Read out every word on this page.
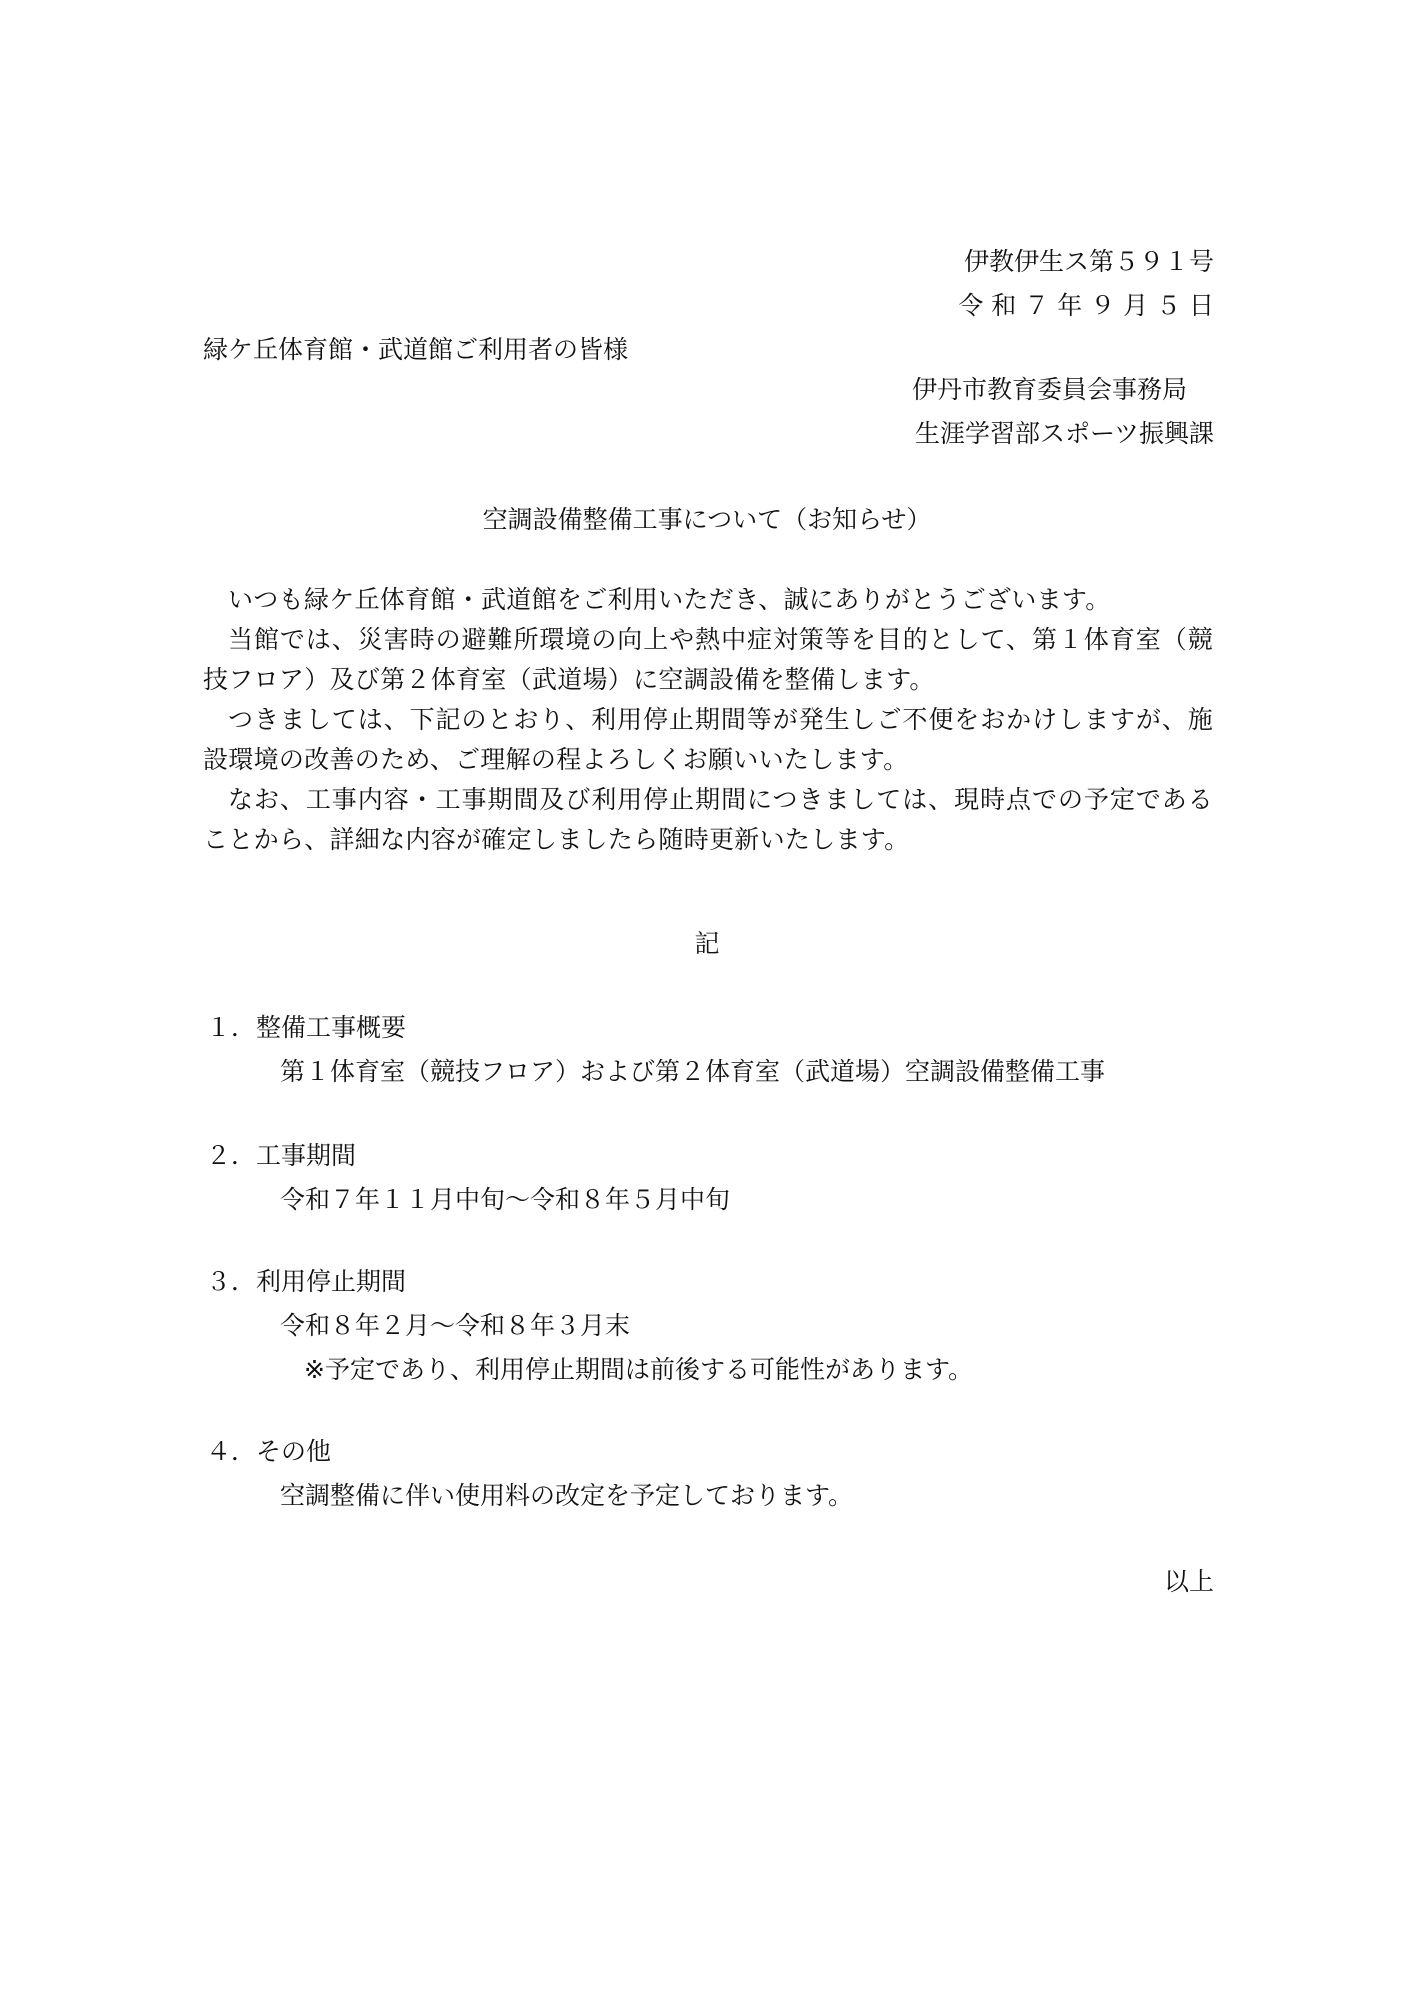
伊教伊生ス第５９１号
令 和 ７ 年 ９ 月 ５ 日
緑ケ丘体育館・武道館ご利用者の皆様
伊丹市教育委員会事務局
生涯学習部スポーツ振興課
空調設備整備工事について（お知らせ）
いつも緑ケ丘体育館・武道館をご利用いただき、誠にありがとうございます。
当館では、災害時の避難所環境の向上や熱中症対策等を目的として、第１体育室（競技フロア）及び第２体育室（武道場）に空調設備を整備します。
つきましては、下記のとおり、利用停止期間等が発生しご不便をおかけしますが、施設環境の改善のため、ご理解の程よろしくお願いいたします。
なお、工事内容・工事期間及び利用停止期間につきましては、現時点での予定であることから、詳細な内容が確定しましたら随時更新いたします。
記
１．整備工事概要
第１体育室（競技フロア）および第２体育室（武道場）空調設備整備工事
２．工事期間
令和７年１１月中旬～令和８年５月中旬
３．利用停止期間
令和８年２月～令和８年３月末
※予定であり、利用停止期間は前後する可能性があります。
４．その他
空調整備に伴い使用料の改定を予定しております。
以上
